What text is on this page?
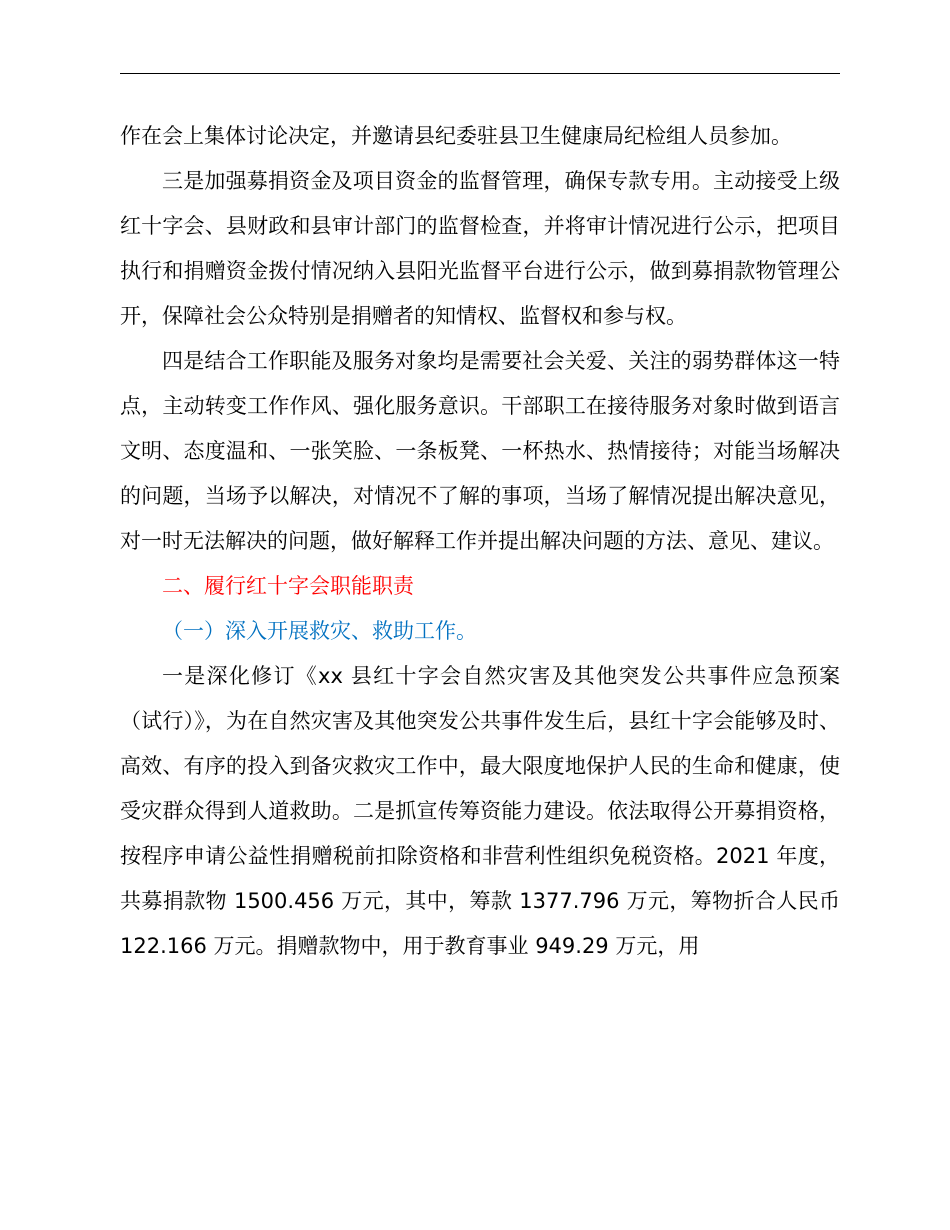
作在会上集体讨论决定，并邀请县纪委驻县卫生健康局纪检组人员参加。

三是加强募捐资金及项目资金的监督管理，确保专款专用。主动接受上级红十字会、县财政和县审计部门的监督检查，并将审计情况进行公示，把项目执行和捐赠资金拨付情况纳入县阳光监督平台进行公示，做到募捐款物管理公开，保障社会公众特别是捐赠者的知情权、监督权和参与权。

四是结合工作职能及服务对象均是需要社会关爱、关注的弱势群体这一特点，主动转变工作作风、强化服务意识。干部职工在接待服务对象时做到语言文明、态度温和、一张笑脸、一条板凳、一杯热水、热情接待；对能当场解决的问题，当场予以解决，对情况不了解的事项，当场了解情况提出解决意见，对一时无法解决的问题，做好解释工作并提出解决问题的方法、意见、建议。

二、履行红十字会职能职责

（一）深入开展救灾、救助工作。

一是深化修订《xx 县红十字会自然灾害及其他突发公共事件应急预案（试行）》，为在自然灾害及其他突发公共事件发生后，县红十字会能够及时、高效、有序的投入到备灾救灾工作中，最大限度地保护人民的生命和健康，使受灾群众得到人道救助。二是抓宣传筹资能力建设。依法取得公开募捐资格，按程序申请公益性捐赠税前扣除资格和非营利性组织免税资格。2021 年度，共募捐款物 1500.456 万元，其中，筹款 1377.796 万元，筹物折合人民币 122.166 万元。捐赠款物中，用于教育事业 949.29 万元，用
